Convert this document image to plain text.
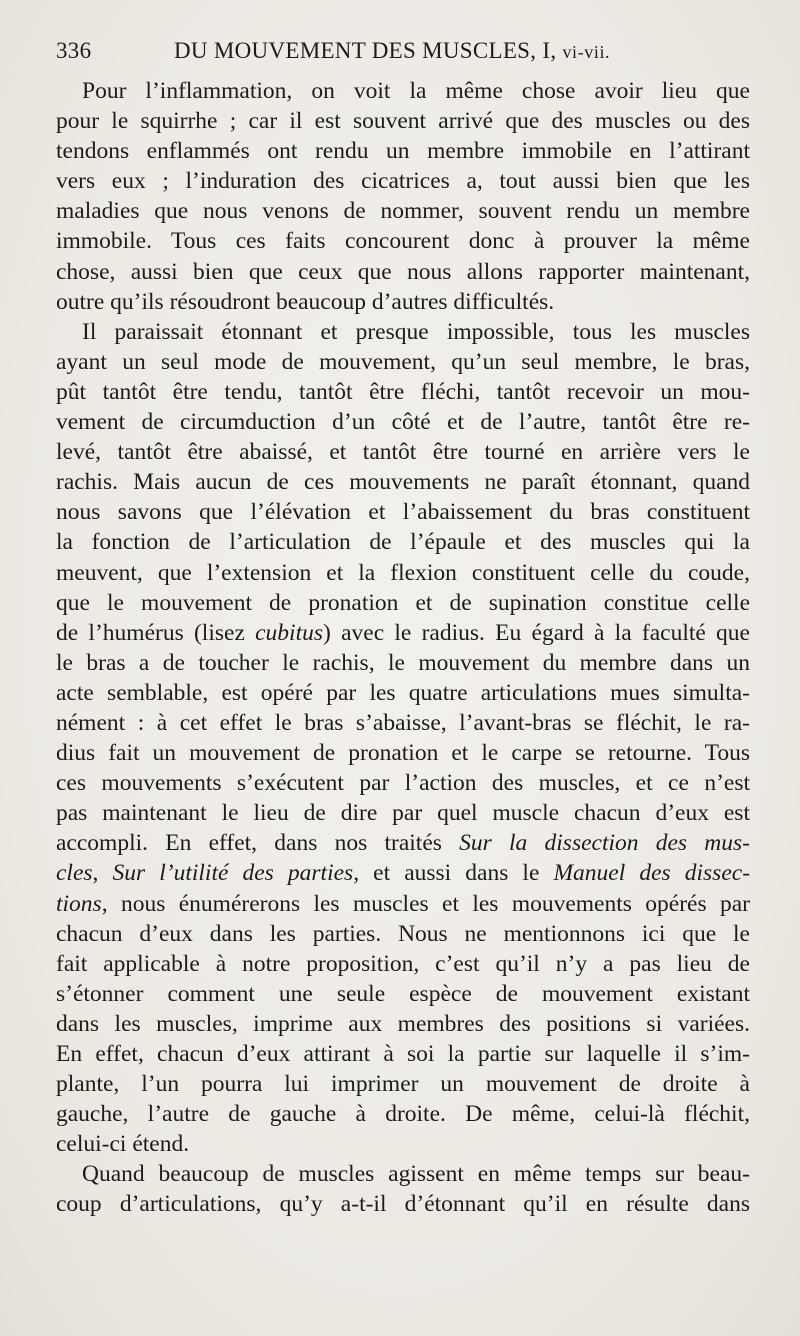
336	DU MOUVEMENT DES MUSCLES, I, vi-vii.
Pour l’inflammation, on voit la même chose avoir lieu que
pour le squirrhe ; car il est souvent arrivé que des muscles ou des
tendons enflammés ont rendu un membre immobile en l’attirant
vers eux ; l’induration des cicatrices a, tout aussi bien que les
maladies que nous venons de nommer, souvent rendu un membre
immobile. Tous ces faits concourent donc à prouver la même
chose, aussi bien que ceux que nous allons rapporter maintenant,
outre qu’ils résoudront beaucoup d’autres difficultés.
Il paraissait étonnant et presque impossible, tous les muscles
ayant un seul mode de mouvement, qu’un seul membre, le bras,
pût tantôt être tendu, tantôt être fléchi, tantôt recevoir un mou-
vement de circumduction d’un côté et de l’autre, tantôt être re-
levé, tantôt être abaissé, et tantôt être tourné en arrière vers le
rachis. Mais aucun de ces mouvements ne paraît étonnant, quand
nous savons que l’élévation et l’abaissement du bras constituent
la fonction de l’articulation de l’épaule et des muscles qui la
meuvent, que l’extension et la flexion constituent celle du coude,
que le mouvement de pronation et de supination constitue celle
de l’humérus (lisez cubitus) avec le radius. Eu égard à la faculté que
le bras a de toucher le rachis, le mouvement du membre dans un
acte semblable, est opéré par les quatre articulations mues simulta-
nément : à cet effet le bras s’abaisse, l’avant-bras se fléchit, le ra-
dius fait un mouvement de pronation et le carpe se retourne. Tous
ces mouvements s’exécutent par l’action des muscles, et ce n’est
pas maintenant le lieu de dire par quel muscle chacun d’eux est
accompli. En effet, dans nos traités Sur la dissection des mus-
cles, Sur l’utilité des parties, et aussi dans le Manuel des dissec-
tions, nous énumérerons les muscles et les mouvements opérés par
chacun d’eux dans les parties. Nous ne mentionnons ici que le
fait applicable à notre proposition, c’est qu’il n’y a pas lieu de
s’étonner comment une seule espèce de mouvement existant
dans les muscles, imprime aux membres des positions si variées.
En effet, chacun d’eux attirant à soi la partie sur laquelle il s’im-
plante, l’un pourra lui imprimer un mouvement de droite à
gauche, l’autre de gauche à droite. De même, celui-là fléchit,
celui-ci étend.
Quand beaucoup de muscles agissent en même temps sur beau-
coup d’articulations, qu’y a-t-il d’étonnant qu’il en résulte dans
